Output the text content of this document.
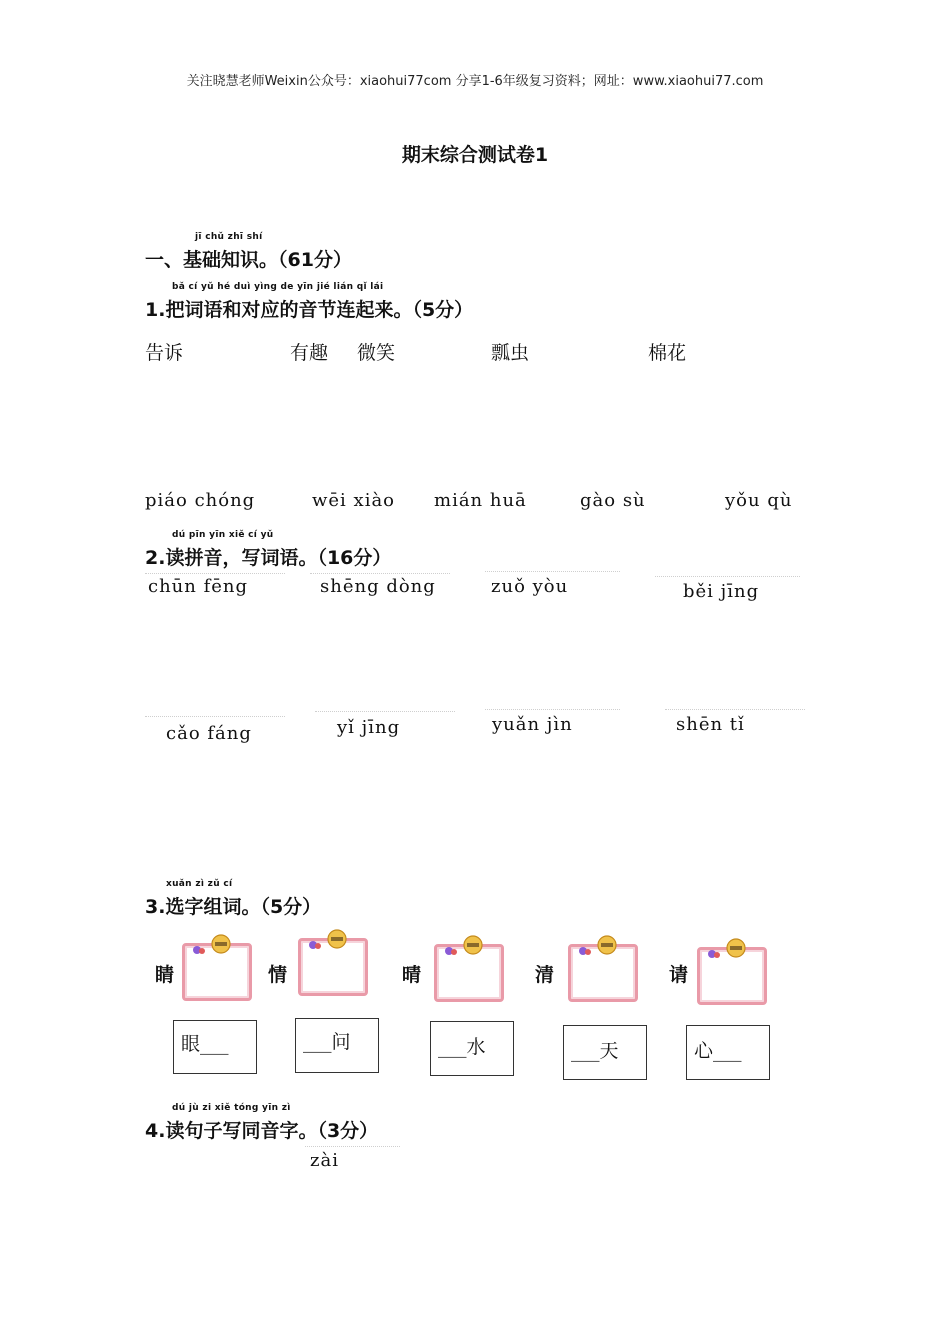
关注晓慧老师Weixin公众号：xiaohui77com 分享1-6年级复习资料；网址：www.xiaohui77.com
期末综合测试卷1
jī chǔ zhī shí
一、基础知识。（61分）
bǎ cí yǔ hé duì yìng de yīn jié lián qǐ lái
1.把词语和对应的音节连起来。（5分）
告诉	有趣 微笑	瓢虫	棉花
piáo chóng	wēi xiào mián huā	gào sù	yǒu qù
dú pīn yīn xiě cí yǔ
2.读拼音，写词语。（16分）
chūn fēng	shēng dòng	zuǒ yòu	běi jīng
cǎo fáng	yǐ jīng	yuǎn jìn	shēn tǐ
xuǎn zì zǔ cí
3.选字组词。（5分）
睛	情	晴	清	请
眼___	___问	___水	___天	心___
dú jù zi xiě tóng yīn zì
4.读句子写同音字。（3分）
zài
